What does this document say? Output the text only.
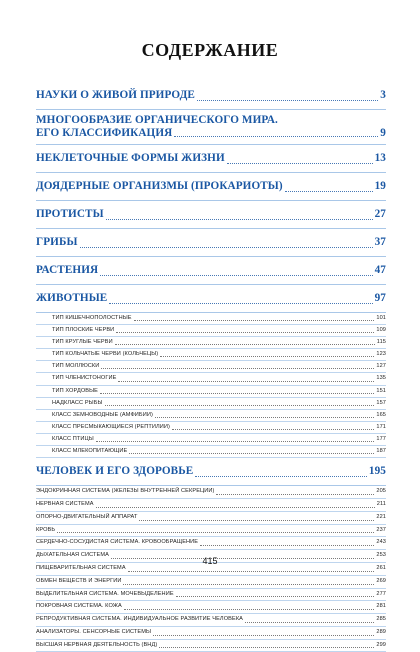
СОДЕРЖАНИЕ
НАУКИ О ЖИВОЙ ПРИРОДЕ	3
МНОГООБРАЗИЕ ОРГАНИЧЕСКОГО МИРА.
ЕГО КЛАССИФИКАЦИЯ	9
НЕКЛЕТОЧНЫЕ ФОРМЫ ЖИЗНИ	13
ДОЯДЕРНЫЕ ОРГАНИЗМЫ (ПРОКАРИОТЫ)	19
ПРОТИСТЫ	27
ГРИБЫ	37
РАСТЕНИЯ	47
ЖИВОТНЫЕ	97
ТИП КИШЕЧНОПОЛОСТНЫЕ	101
ТИП ПЛОСКИЕ ЧЕРВИ	109
ТИП КРУГЛЫЕ ЧЕРВИ	115
ТИП КОЛЬЧАТЫЕ ЧЕРВИ (КОЛЬЧЕЦЫ)	123
ТИП МОЛЛЮСКИ	127
ТИП ЧЛЕНИСТОНОГИЕ	135
ТИП ХОРДОВЫЕ	151
НАДКЛАСС РЫБЫ	157
КЛАСС ЗЕМНОВОДНЫЕ (АМФИБИИ)	165
КЛАСС ПРЕСМЫКАЮЩИЕСЯ (РЕПТИЛИИ)	171
КЛАСС ПТИЦЫ	177
КЛАСС МЛЕКОПИТАЮЩИЕ	187
ЧЕЛОВЕК И ЕГО ЗДОРОВЬЕ	195
ЭНДОКРИННАЯ СИСТЕМА (ЖЕЛЕЗЫ ВНУТРЕННЕЙ СЕКРЕЦИИ)	205
НЕРВНАЯ СИСТЕМА	211
ОПОРНО-ДВИГАТЕЛЬНЫЙ АППАРАТ	221
КРОВЬ	237
СЕРДЕЧНО-СОСУДИСТАЯ СИСТЕМА. КРОВООБРАЩЕНИЕ	243
ДЫХАТЕЛЬНАЯ СИСТЕМА	253
ПИЩЕВАРИТЕЛЬНАЯ СИСТЕМА	261
ОБМЕН ВЕЩЕСТВ И ЭНЕРГИИ	269
ВЫДЕЛИТЕЛЬНАЯ СИСТЕМА. МОЧЕВЫДЕЛЕНИЕ	277
ПОКРОВНАЯ СИСТЕМА. КОЖА	281
РЕПРОДУКТИВНАЯ СИСТЕМА. ИНДИВИДУАЛЬНОЕ РАЗВИТИЕ ЧЕЛОВЕКА	285
АНАЛИЗАТОРЫ. СЕНСОРНЫЕ СИСТЕМЫ	289
ВЫСШАЯ НЕРВНАЯ ДЕЯТЕЛЬНОСТЬ (ВНД)	299
415
